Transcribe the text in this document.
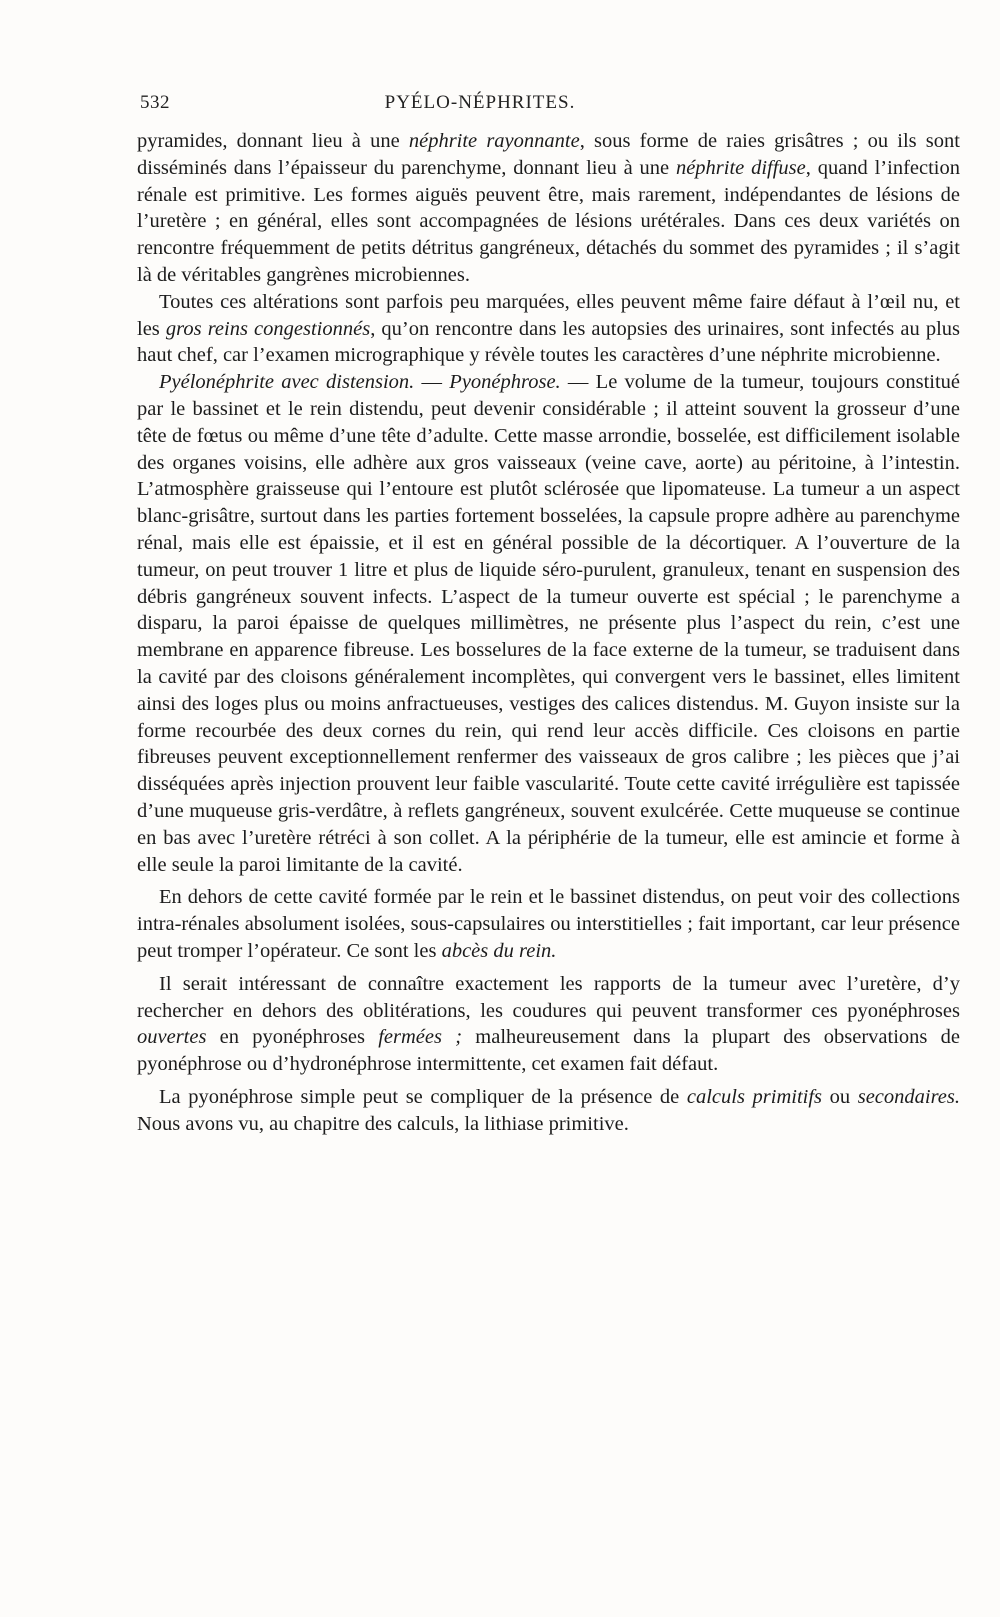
532	PYÉLO-NÉPHRITES.

pyramides, donnant lieu à une néphrite rayonnante, sous forme de raies grisâtres ; ou ils sont disséminés dans l’épaisseur du parenchyme, donnant lieu à une néphrite diffuse, quand l’infection rénale est primitive. Les formes aiguës peuvent être, mais rarement, indépendantes de lésions de l’uretère ; en général, elles sont accompagnées de lésions urétérales. Dans ces deux variétés on rencontre fréquemment de petits détritus gangréneux, détachés du sommet des pyramides ; il s’agit là de véritables gangrènes microbiennes.

Toutes ces altérations sont parfois peu marquées, elles peuvent même faire défaut à l’œil nu, et les gros reins congestionnés, qu’on rencontre dans les autopsies des urinaires, sont infectés au plus haut chef, car l’examen micrographique y révèle toutes les caractères d’une néphrite microbienne.

Pyélonéphrite avec distension. — Pyonéphrose. — Le volume de la tumeur, toujours constitué par le bassinet et le rein distendu, peut devenir considérable ; il atteint souvent la grosseur d’une tête de fœtus ou même d’une tête d’adulte. Cette masse arrondie, bosselée, est difficilement isolable des organes voisins, elle adhère aux gros vaisseaux (veine cave, aorte) au péritoine, à l’intestin. L’atmosphère graisseuse qui l’entoure est plutôt sclérosée que lipomateuse. La tumeur a un aspect blanc-grisâtre, surtout dans les parties fortement bosselées, la capsule propre adhère au parenchyme rénal, mais elle est épaissie, et il est en général possible de la décortiquer. A l’ouverture de la tumeur, on peut trouver 1 litre et plus de liquide séro-purulent, granuleux, tenant en suspension des débris gangréneux souvent infects. L’aspect de la tumeur ouverte est spécial ; le parenchyme a disparu, la paroi épaisse de quelques millimètres, ne présente plus l’aspect du rein, c’est une membrane en apparence fibreuse. Les bosselures de la face externe de la tumeur, se traduisent dans la cavité par des cloisons généralement incomplètes, qui convergent vers le bassinet, elles limitent ainsi des loges plus ou moins anfractueuses, vestiges des calices distendus. M. Guyon insiste sur la forme recourbée des deux cornes du rein, qui rend leur accès difficile. Ces cloisons en partie fibreuses peuvent exceptionnellement renfermer des vaisseaux de gros calibre ; les pièces que j’ai disséquées après injection prouvent leur faible vascularité. Toute cette cavité irrégulière est tapissée d’une muqueuse gris-verdâtre, à reflets gangréneux, souvent exulcérée. Cette muqueuse se continue en bas avec l’uretère rétréci à son collet. A la périphérie de la tumeur, elle est amincie et forme à elle seule la paroi limitante de la cavité.

En dehors de cette cavité formée par le rein et le bassinet distendus, on peut voir des collections intra-rénales absolument isolées, sous-capsulaires ou interstitielles ; fait important, car leur présence peut tromper l’opérateur. Ce sont les abcès du rein.

Il serait intéressant de connaître exactement les rapports de la tumeur avec l’uretère, d’y rechercher en dehors des oblitérations, les coudures qui peuvent transformer ces pyonéphroses ouvertes en pyonéphroses fermées ; malheureusement dans la plupart des observations de pyonéphrose ou d’hydronéphrose intermittente, cet examen fait défaut.

La pyonéphrose simple peut se compliquer de la présence de calculs primitifs ou secondaires. Nous avons vu, au chapitre des calculs, la lithiase primitive.
